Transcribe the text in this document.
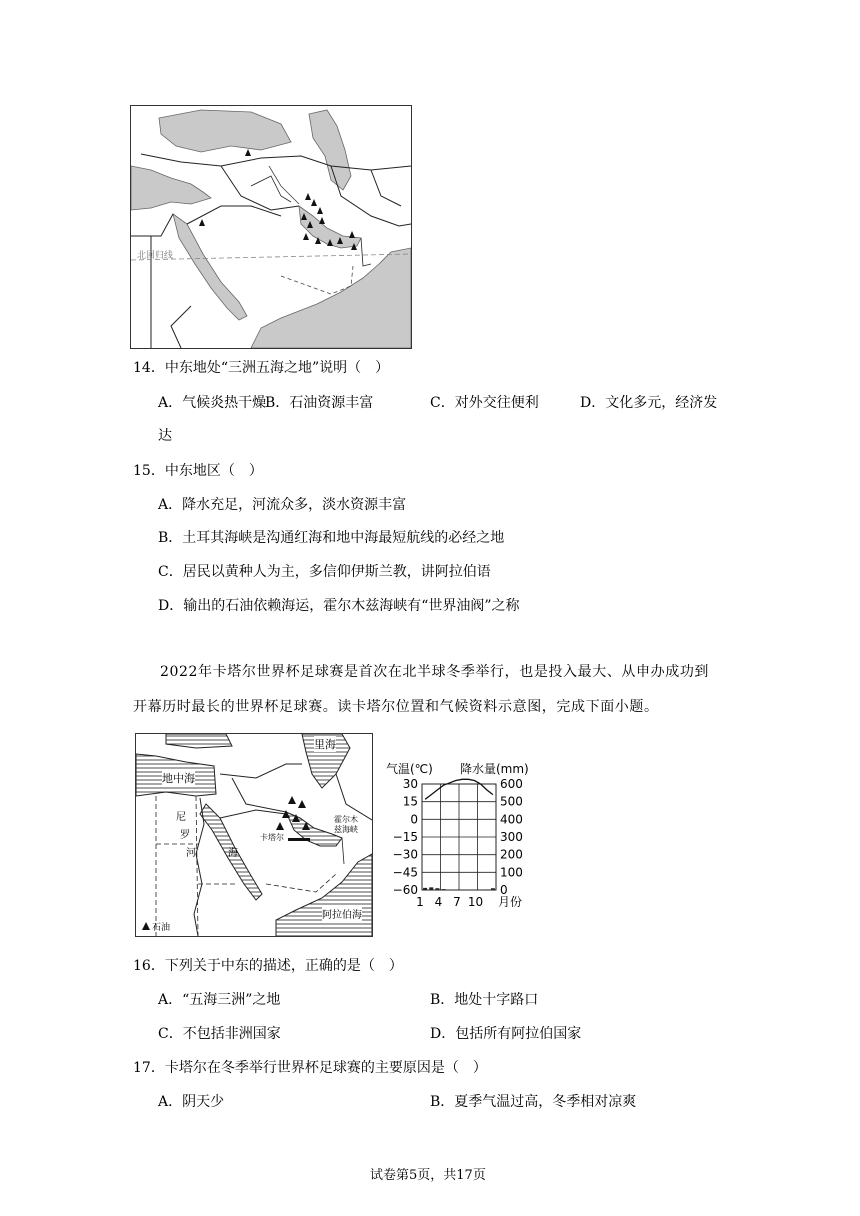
北回归线
14．中东地处“三洲五海之地”说明（　）
A．气候炎热干燥
B．石油资源丰富	C．对外交往便利	D．文化多元，经济发
达
15．中东地区（　）
A．降水充足，河流众多，淡水资源丰富
B．土耳其海峡是沟通红海和地中海最短航线的必经之地
C．居民以黄种人为主，多信仰伊斯兰教，讲阿拉伯语
D．输出的石油依赖海运，霍尔木兹海峡有“世界油阀”之称
2022年卡塔尔世界杯足球赛是首次在北半球冬季举行，也是投入最大、从申办成功到
开幕历时最长的世界杯足球赛。读卡塔尔位置和气候资料示意图，完成下面小题。
里海
地中海
尼
罗
河
霍尔木
兹海峡
卡塔尔
海
阿拉伯海
石油
气温(℃) 降水量(mm)
30	600
15	500
0	400
−15	300
−30	200
−45	100
−60	0
1 4 7 10 月份
16．下列关于中东的描述，正确的是（　）
A．“五海三洲”之地	B．地处十字路口
C．不包括非洲国家	D．包括所有阿拉伯国家
17．卡塔尔在冬季举行世界杯足球赛的主要原因是（　）
A．阴天少	B．夏季气温过高，冬季相对凉爽
试卷第5页，共17页
